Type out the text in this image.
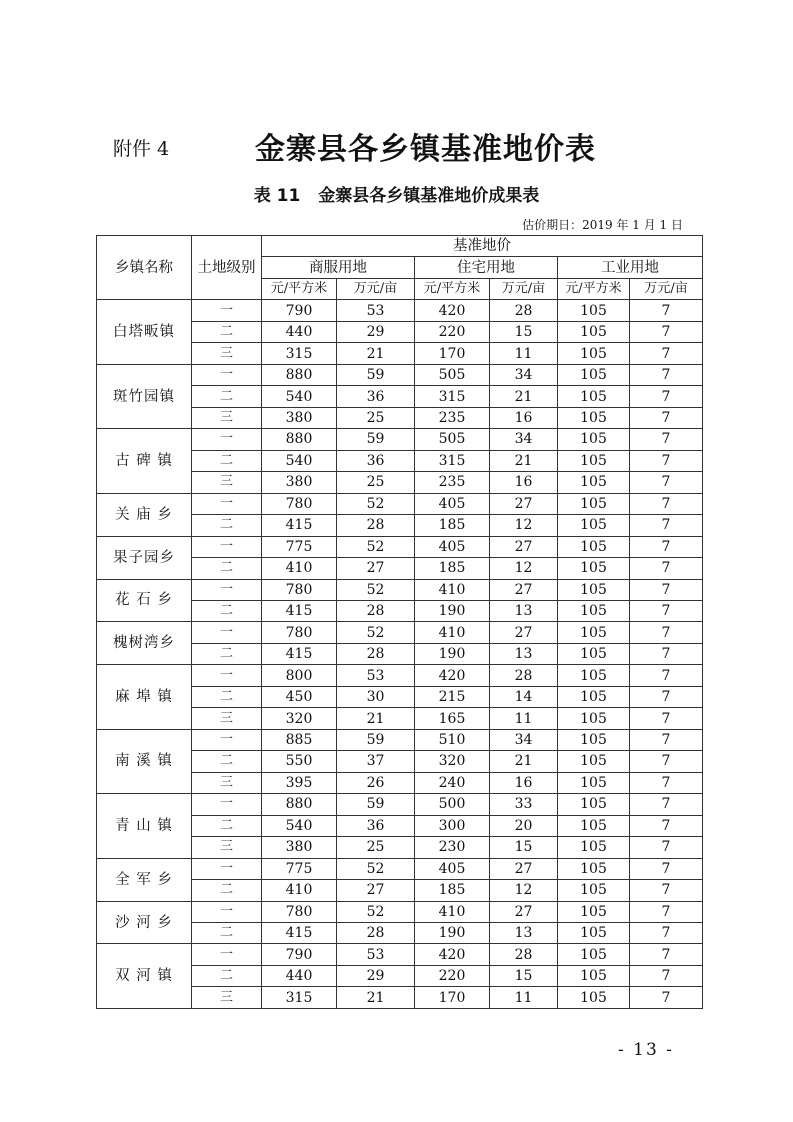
附件 4	金寨县各乡镇基准地价表
表 11 金寨县各乡镇基准地价成果表
估价期日：2019 年 1 月 1 日
乡镇名称	土地级别	基准地价					
		商服用地		住宅用地		工业用地	
		元/平方米	万元/亩	元/平方米	万元/亩	元/平方米	万元/亩
白塔畈镇	一	790	53	420	28	105	7
	二	440	29	220	15	105	7
	三	315	21	170	11	105	7
斑竹园镇	一	880	59	505	34	105	7
	二	540	36	315	21	105	7
	三	380	25	235	16	105	7
古 碑 镇	一	880	59	505	34	105	7
	二	540	36	315	21	105	7
	三	380	25	235	16	105	7
关 庙 乡	一	780	52	405	27	105	7
	二	415	28	185	12	105	7
果子园乡	一	775	52	405	27	105	7
	二	410	27	185	12	105	7
花 石 乡	一	780	52	410	27	105	7
	二	415	28	190	13	105	7
槐树湾乡	一	780	52	410	27	105	7
	二	415	28	190	13	105	7
麻 埠 镇	一	800	53	420	28	105	7
	二	450	30	215	14	105	7
	三	320	21	165	11	105	7
南 溪 镇	一	885	59	510	34	105	7
	二	550	37	320	21	105	7
	三	395	26	240	16	105	7
青 山 镇	一	880	59	500	33	105	7
	二	540	36	300	20	105	7
	三	380	25	230	15	105	7
全 军 乡	一	775	52	405	27	105	7
	二	410	27	185	12	105	7
沙 河 乡	一	780	52	410	27	105	7
	二	415	28	190	13	105	7
双 河 镇	一	790	53	420	28	105	7
	二	440	29	220	15	105	7
	三	315	21	170	11	105	7
- 13 -
